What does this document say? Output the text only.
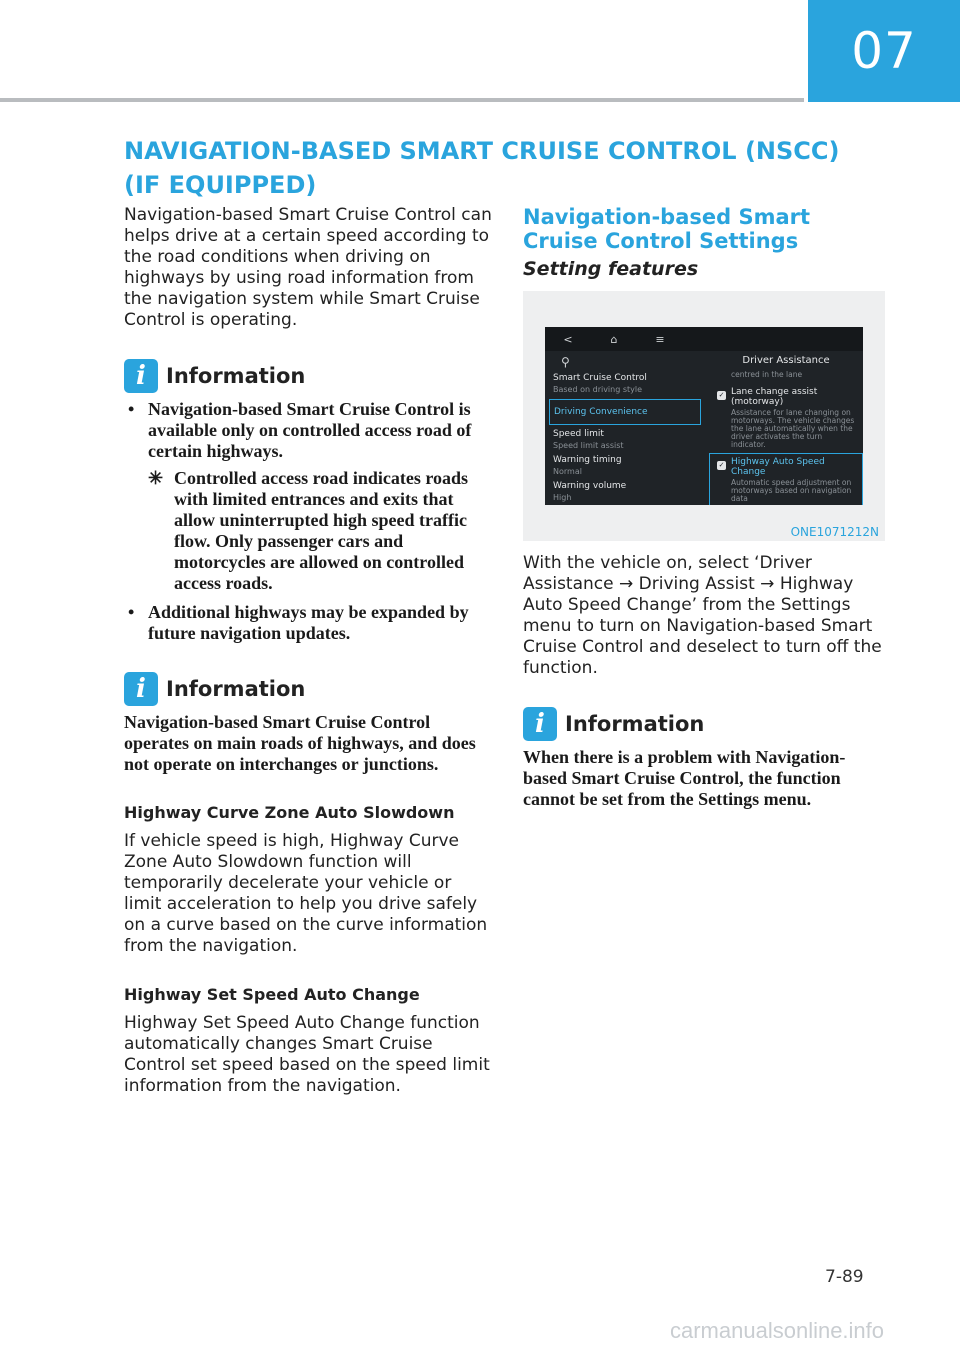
07
NAVIGATION-BASED SMART CRUISE CONTROL (NSCC) (IF EQUIPPED)

Navigation-based Smart Cruise Control can helps drive at a certain speed according to the road conditions when driving on highways by using road information from the navigation system while Smart Cruise Control is operating.

i Information
• Navigation-based Smart Cruise Control is available only on controlled access road of certain highways.
✳ Controlled access road indicates roads with limited entrances and exits that allow uninterrupted high speed traffic flow. Only passenger cars and motorcycles are allowed on controlled access roads.
• Additional highways may be expanded by future navigation updates.
i Information
Navigation-based Smart Cruise Control operates on main roads of highways, and does not operate on interchanges or junctions.
Highway Curve Zone Auto Slowdown

If vehicle speed is high, Highway Curve Zone Auto Slowdown function will temporarily decelerate your vehicle or limit acceleration to help you drive safely on a curve based on the curve information from the navigation.

Highway Set Speed Auto Change

Highway Set Speed Auto Change function automatically changes Smart Cruise Control set speed based on the speed limit information from the navigation.

Navigation-based Smart Cruise Control Settings
Setting features
<	⌂	≡
⚲
Smart Cruise Control
Based on driving style
Driving Convenience
Speed limit
Speed limit assist
Warning timing
Normal
Warning volume
High
Driver Assistance
centred in the lane
✓ Lane change assist (motorway)
Assistance for lane changing on motorways. The vehicle changes the lane automatically when the driver activates the turn indicator.
✓ Highway Auto Speed Change
Automatic speed adjustment on motorways based on navigation data
ONE1071212N

With the vehicle on, select ‘Driver Assistance → Driving Assist → Highway Auto Speed Change’ from the Settings menu to turn on Navigation-based Smart Cruise Control and deselect to turn off the function.

i Information
When there is a problem with Navigation-based Smart Cruise Control, the function cannot be set from the Settings menu.
7-89
carmanualsonline.info
